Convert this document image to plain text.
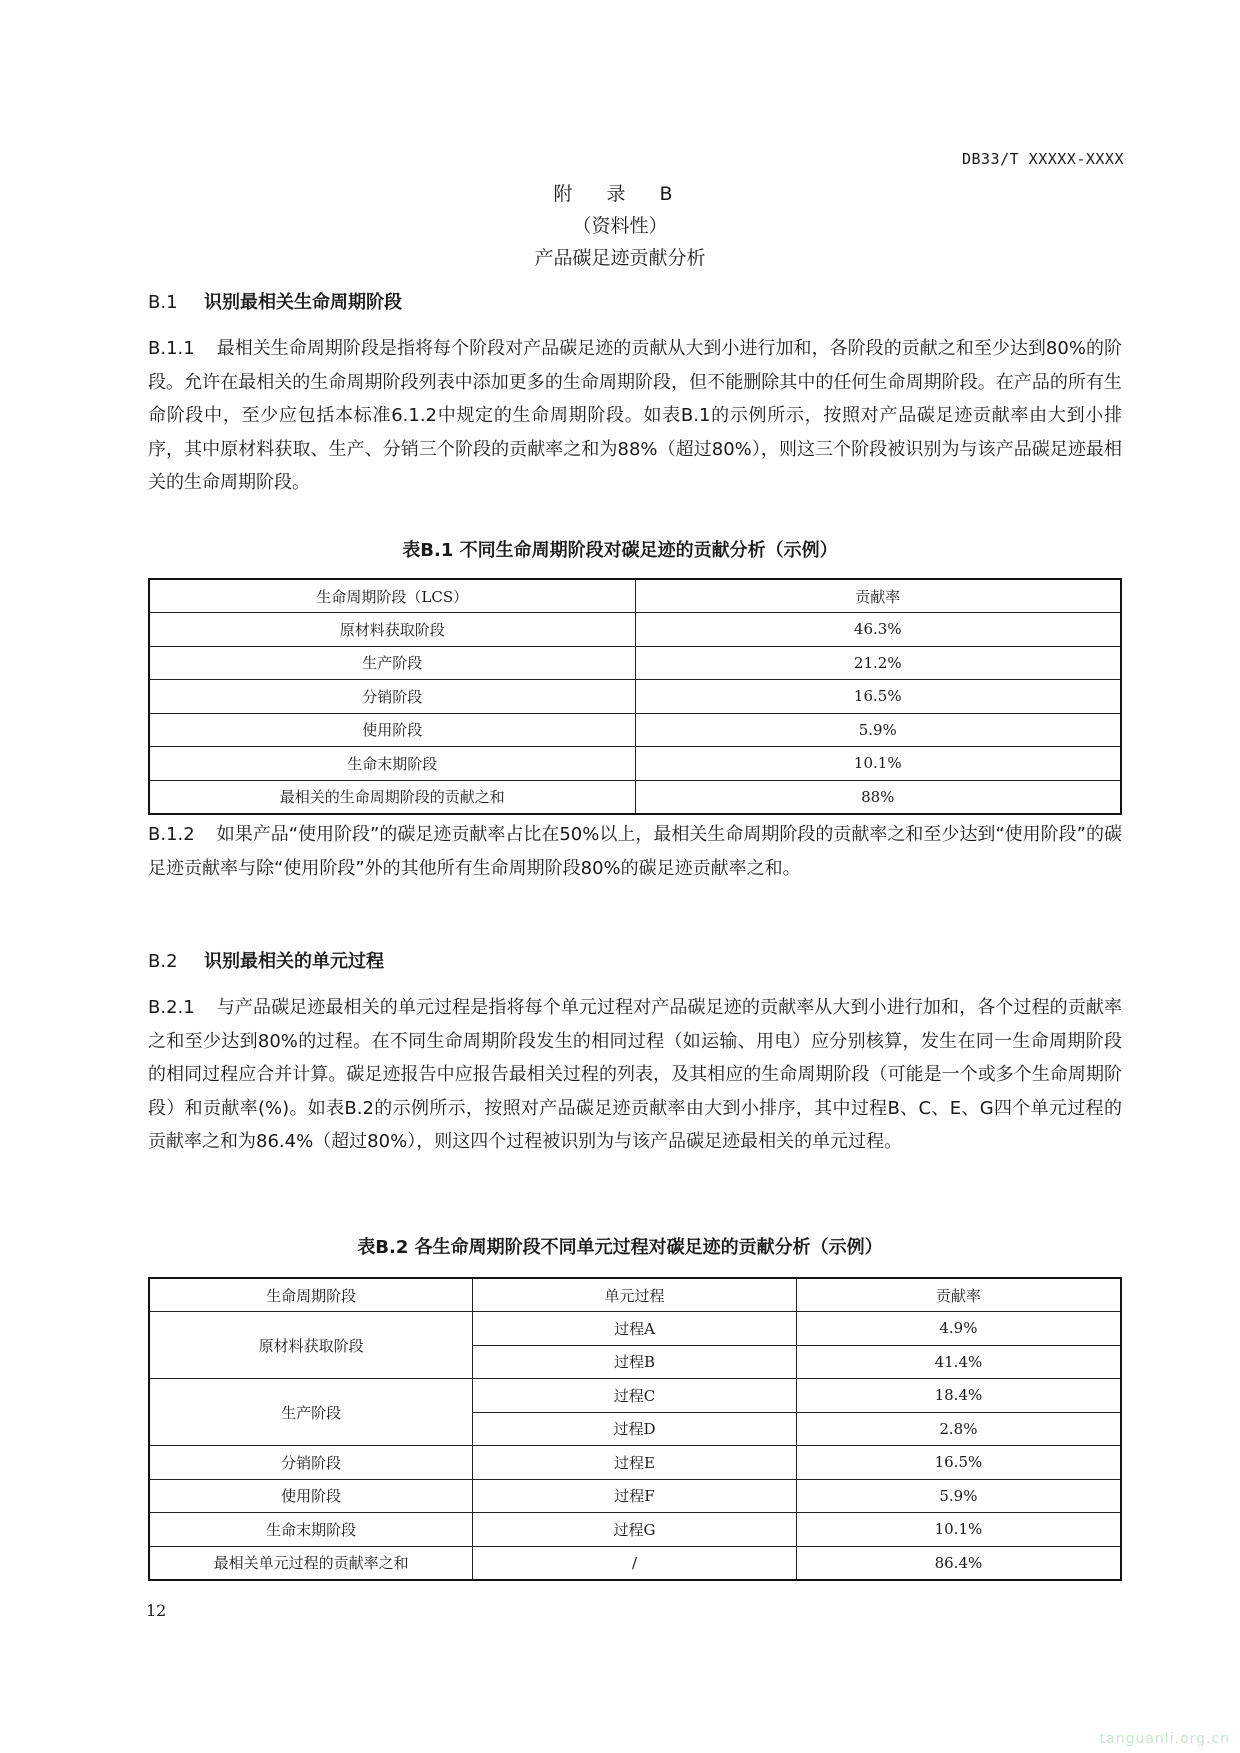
DB33/T XXXXX-XXXX
附 录 B
（资料性）
产品碳足迹贡献分析
B.1 识别最相关生命周期阶段
B.1.1 最相关生命周期阶段是指将每个阶段对产品碳足迹的贡献从大到小进行加和，各阶段的贡献之和至少达到80%的阶段。允许在最相关的生命周期阶段列表中添加更多的生命周期阶段，但不能删除其中的任何生命周期阶段。在产品的所有生命阶段中，至少应包括本标准6.1.2中规定的生命周期阶段。如表B.1的示例所示，按照对产品碳足迹贡献率由大到小排序，其中原材料获取、生产、分销三个阶段的贡献率之和为88%（超过80%），则这三个阶段被识别为与该产品碳足迹最相关的生命周期阶段。
表B.1 不同生命周期阶段对碳足迹的贡献分析（示例）
生命周期阶段（LCS）	贡献率
原材料获取阶段	46.3%
生产阶段	21.2%
分销阶段	16.5%
使用阶段	5.9%
生命末期阶段	10.1%
最相关的生命周期阶段的贡献之和	88%
B.1.2 如果产品“使用阶段”的碳足迹贡献率占比在50%以上，最相关生命周期阶段的贡献率之和至少达到“使用阶段”的碳足迹贡献率与除“使用阶段”外的其他所有生命周期阶段80%的碳足迹贡献率之和。
B.2 识别最相关的单元过程
B.2.1 与产品碳足迹最相关的单元过程是指将每个单元过程对产品碳足迹的贡献率从大到小进行加和，各个过程的贡献率之和至少达到80%的过程。在不同生命周期阶段发生的相同过程（如运输、用电）应分别核算，发生在同一生命周期阶段的相同过程应合并计算。碳足迹报告中应报告最相关过程的列表，及其相应的生命周期阶段（可能是一个或多个生命周期阶段）和贡献率(%)。如表B.2的示例所示，按照对产品碳足迹贡献率由大到小排序，其中过程B、C、E、G四个单元过程的贡献率之和为86.4%（超过80%），则这四个过程被识别为与该产品碳足迹最相关的单元过程。
表B.2 各生命周期阶段不同单元过程对碳足迹的贡献分析（示例）
生命周期阶段	单元过程	贡献率
原材料获取阶段	过程A	4.9%
	过程B	41.4%
生产阶段	过程C	18.4%
	过程D	2.8%
分销阶段	过程E	16.5%
使用阶段	过程F	5.9%
生命末期阶段	过程G	10.1%
最相关单元过程的贡献率之和	/	86.4%
12
tanguanli.org.cn
